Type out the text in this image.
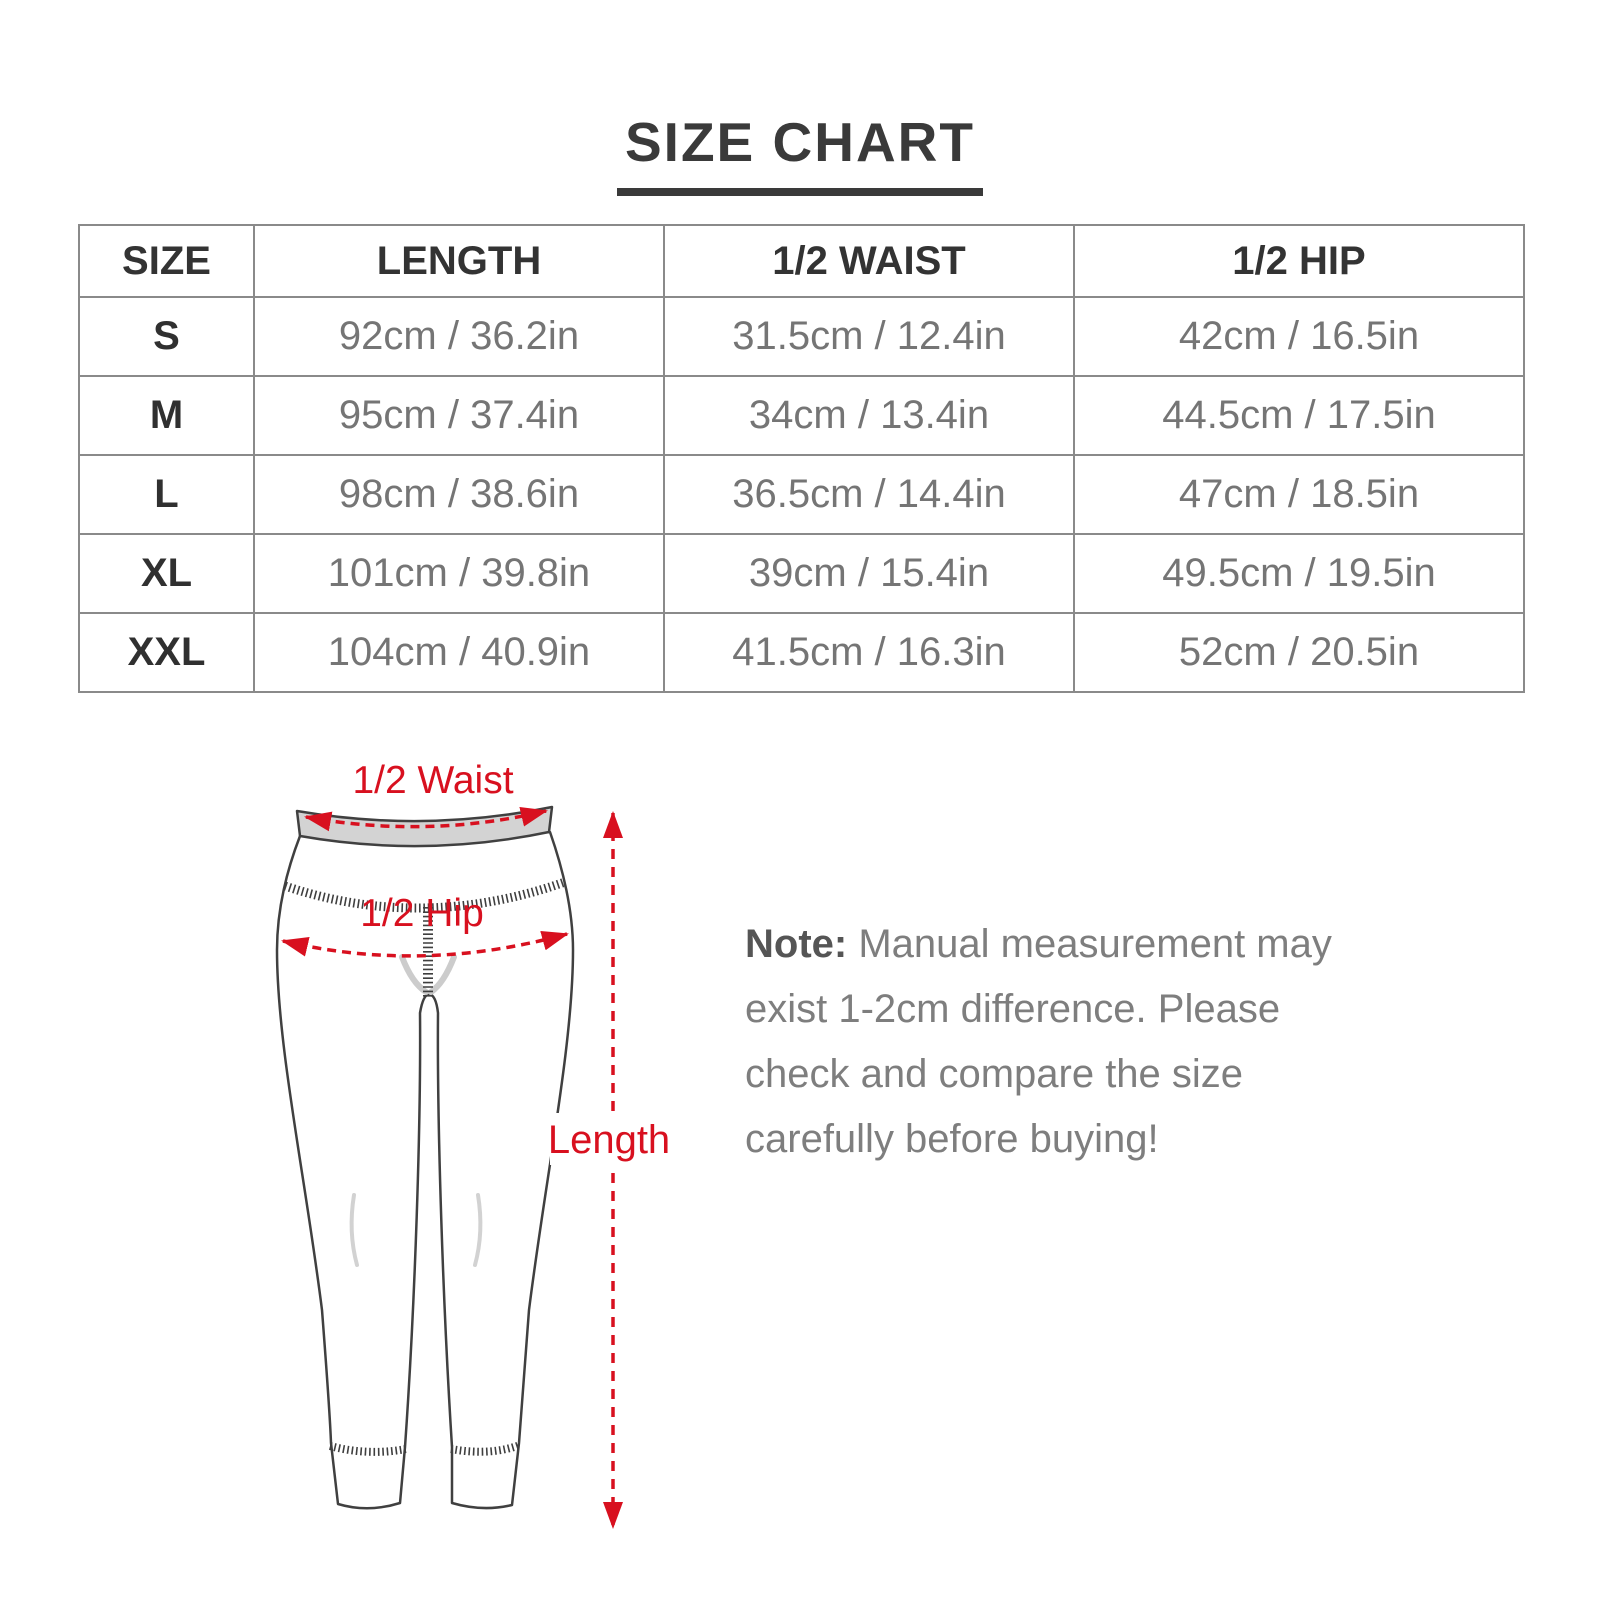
SIZE CHART
SIZE	LENGTH	1/2 WAIST	1/2 HIP
S	92cm / 36.2in	31.5cm / 12.4in	42cm / 16.5in
M	95cm / 37.4in	34cm / 13.4in	44.5cm / 17.5in
L	98cm / 38.6in	36.5cm / 14.4in	47cm / 18.5in
XL	101cm / 39.8in	39cm / 15.4in	49.5cm / 19.5in
XXL	104cm / 40.9in	41.5cm / 16.3in	52cm / 20.5in
1/2 Waist
1/2 Hip
Length

Note: Manual measurement may exist 1-2cm difference. Please check and compare the size carefully before buying!
